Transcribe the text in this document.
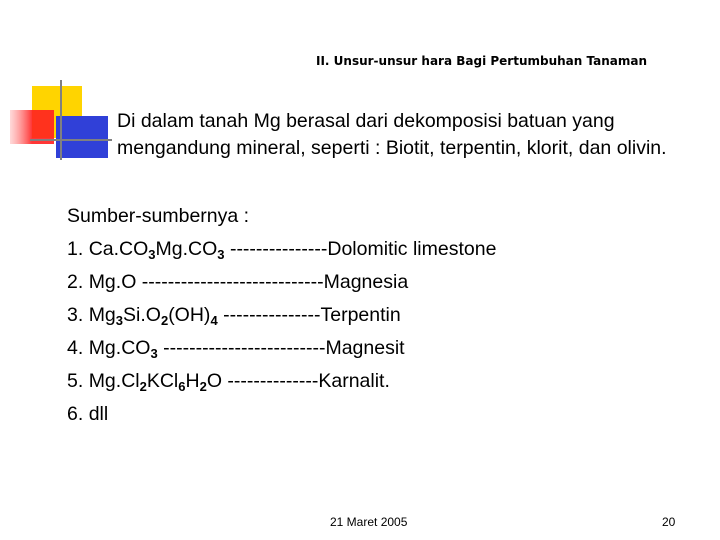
II. Unsur-unsur hara Bagi Pertumbuhan Tanaman
Di dalam tanah Mg berasal dari dekomposisi batuan yang mengandung mineral, seperti : Biotit, terpentin, klorit, dan olivin.
Sumber-sumbernya :
1. $Ca.CO_3Mg.CO_3$ ---------------Dolomitic limestone
2. Mg.O ----------------------------Magnesia
3. $Mg_3Si.O_2(OH)_4$ ---------------Terpentin
4. $Mg.CO_3$ -------------------------Magnesit
5. $Mg.Cl_2KCl_6H_2O$ --------------Karnalit.
6. dll
21 Maret 2005	20
